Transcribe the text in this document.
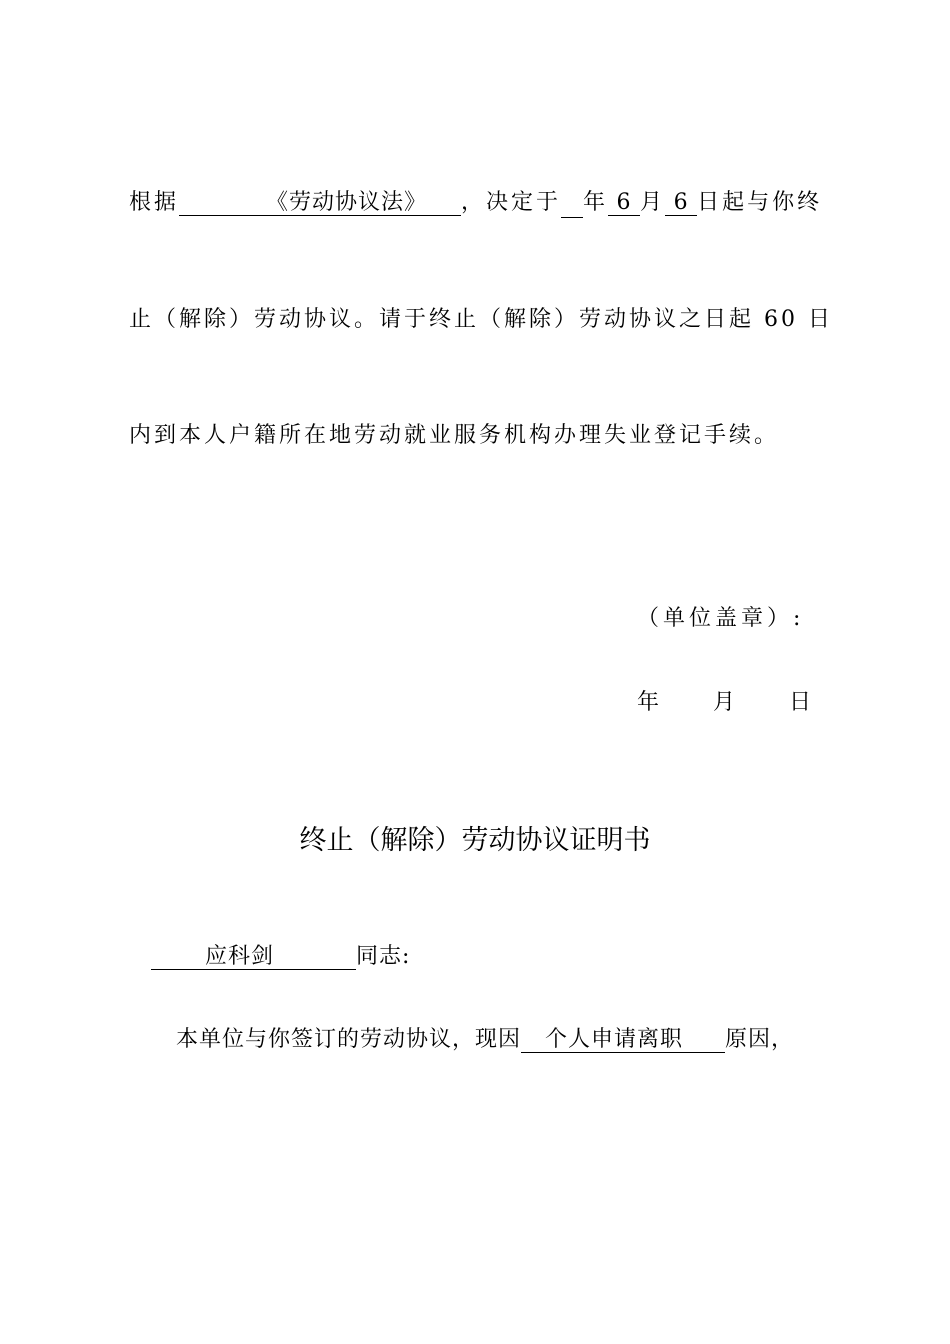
根据	《劳动协议法》 ，决定于 年 6 月 6 日起与你终
止（解除）劳动协议。请于终止（解除）劳动协议之日起 60 日
内到本人户籍所在地劳动就业服务机构办理失业登记手续。
（单位盖章）:
年 月 日
终止（解除）劳动协议证明书
应科剑	同志:
本单位与你签订的劳动协议，现因 个人申请离职 原因，
